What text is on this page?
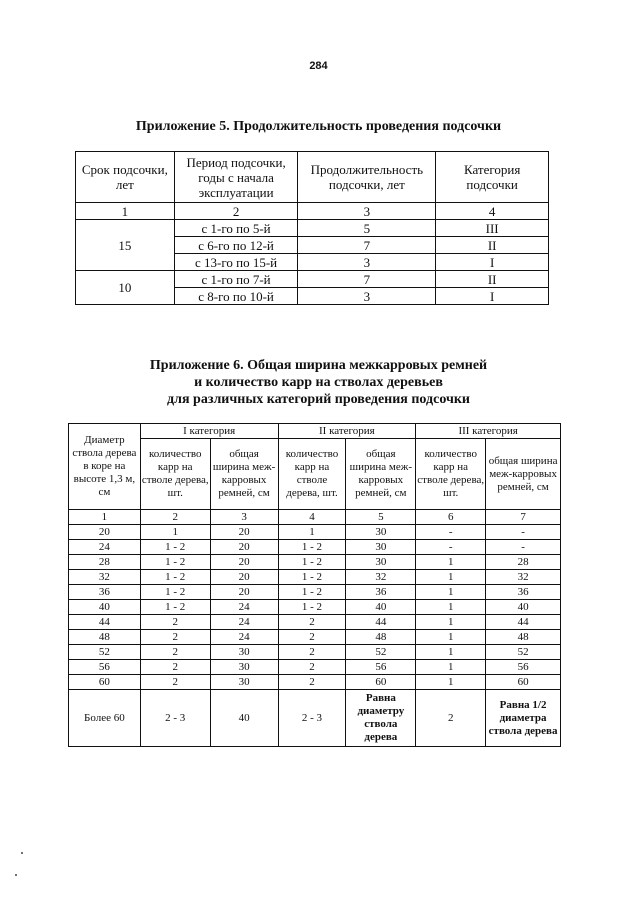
284
Приложение 5. Продолжительность проведения подсочки
Срок подсочки, лет	Период подсочки, годы с начала эксплуатации	Продолжительность подсочки, лет	Категория подсочки
1	2	3	4
15	с 1-го по 5-й	5	III
	с 6-го по 12-й	7	II
	с 13-го по 15-й	3	I
10	с 1-го по 7-й	7	II
	с 8-го по 10-й	3	I
Приложение 6. Общая ширина межкарровых ремней
и количество карр на стволах деревьев
для различных категорий проведения подсочки
Диаметр ствола дерева в коре на высоте 1,3 м, см	I категория		II категория		III категория	
	количество карр на стволе дерева, шт.	общая ширина меж-карровых ремней, см	количество карр на стволе дерева, шт.	общая ширина меж-карровых ремней, см	количество карр на стволе дерева, шт.	общая ширина меж-карровых ремней, см
1	2	3	4	5	6	7
20	1	20	1	30	-	-
24	1 - 2	20	1 - 2	30	-	-
28	1 - 2	20	1 - 2	30	1	28
32	1 - 2	20	1 - 2	32	1	32
36	1 - 2	20	1 - 2	36	1	36
40	1 - 2	24	1 - 2	40	1	40
44	2	24	2	44	1	44
48	2	24	2	48	1	48
52	2	30	2	52	1	52
56	2	30	2	56	1	56
60	2	30	2	60	1	60
Более 60	2 - 3	40	2 - 3	Равна диаметру ствола дерева	2	Равна 1/2 диаметра ствола дерева
